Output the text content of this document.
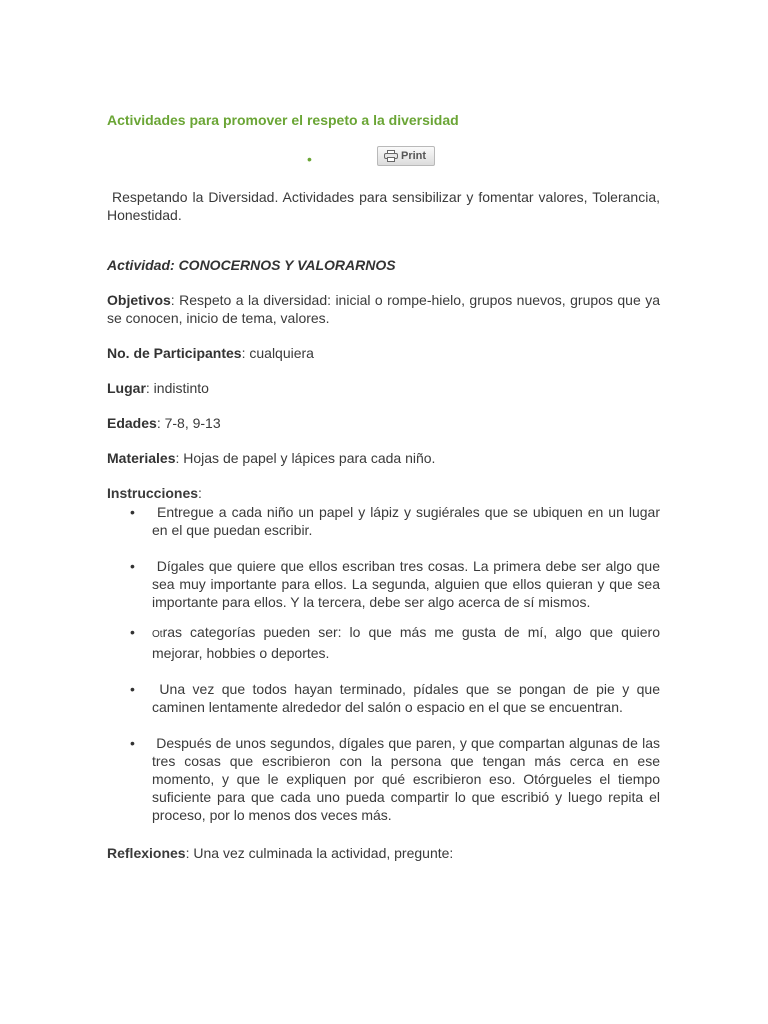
Actividades para promover el respeto a la diversidad
•	Print

Respetando la Diversidad. Actividades para sensibilizar y fomentar valores, Tolerancia, Honestidad.

Actividad: CONOCERNOS Y VALORARNOS

Objetivos: Respeto a la diversidad: inicial o rompe-hielo, grupos nuevos, grupos que ya se conocen, inicio de tema, valores.

No. de Participantes: cualquiera

Lugar: indistinto

Edades: 7-8, 9-13

Materiales: Hojas de papel y lápices para cada niño.

Instrucciones:

•  Entregue a cada niño un papel y lápiz y sugiérales que se ubiquen en un lugar en el que puedan escribir.
•  Dígales que quiere que ellos escriban tres cosas. La primera debe ser algo que sea muy importante para ellos. La segunda, alguien que ellos quieran y que sea importante para ellos. Y la tercera, debe ser algo acerca de sí mismos.
• Otras categorías pueden ser: lo que más me gusta de mí, algo que quiero mejorar, hobbies o deportes.
•  Una vez que todos hayan terminado, pídales que se pongan de pie y que caminen lentamente alrededor del salón o espacio en el que se encuentran.
•  Después de unos segundos, dígales que paren, y que compartan algunas de las tres cosas que escribieron con la persona que tengan más cerca en ese momento, y que le expliquen por qué escribieron eso. Otórgueles el tiempo suficiente para que cada uno pueda compartir lo que escribió y luego repita el proceso, por lo menos dos veces más.

Reflexiones: Una vez culminada la actividad, pregunte:
